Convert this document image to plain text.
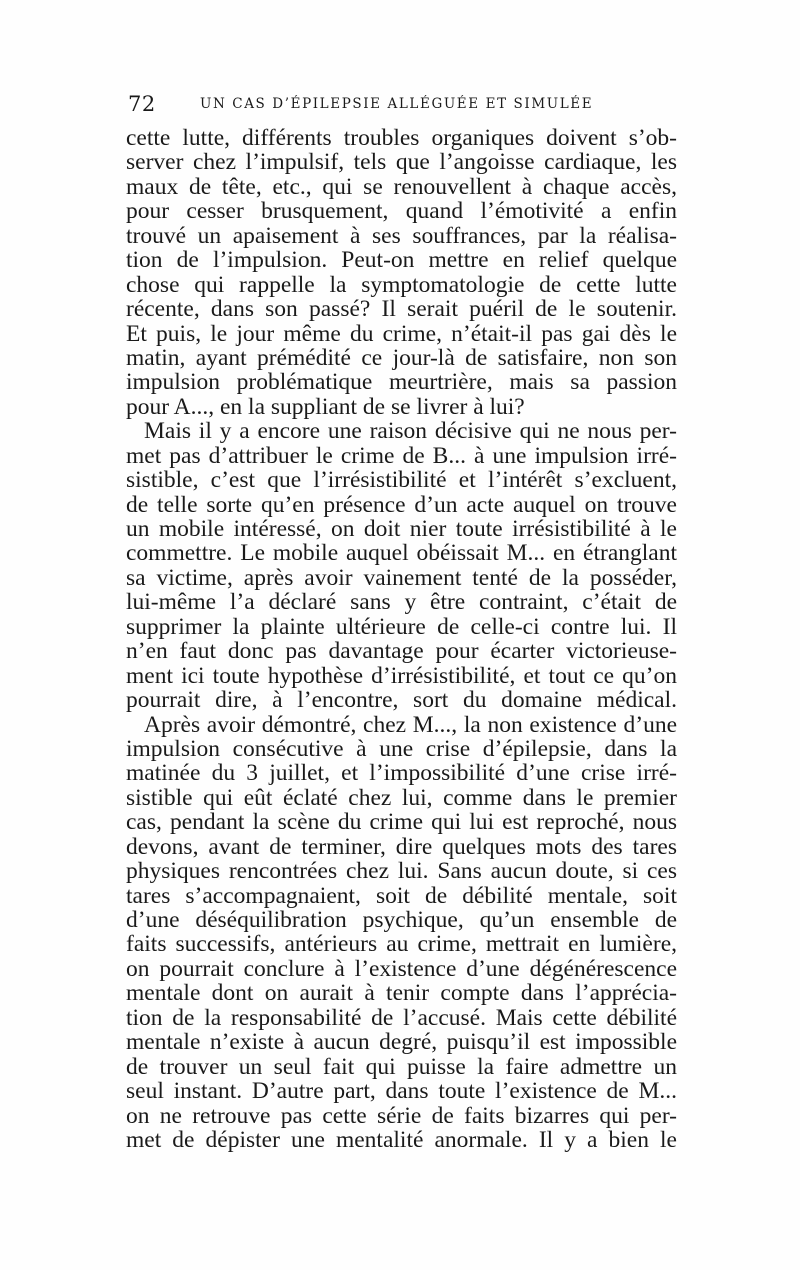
72	UN CAS D’ÉPILEPSIE ALLÉGUÉE ET SIMULÉE
cette lutte, différents troubles organiques doivent s’ob-
server chez l’impulsif, tels que l’angoisse cardiaque, les
maux de tête, etc., qui se renouvellent à chaque accès,
pour cesser brusquement, quand l’émotivité a enfin
trouvé un apaisement à ses souffrances, par la réalisa-
tion de l’impulsion. Peut-on mettre en relief quelque
chose qui rappelle la symptomatologie de cette lutte
récente, dans son passé? Il serait puéril de le soutenir.
Et puis, le jour même du crime, n’était-il pas gai dès le
matin, ayant prémédité ce jour-là de satisfaire, non son
impulsion problématique meurtrière, mais sa passion
pour A..., en la suppliant de se livrer à lui?
Mais il y a encore une raison décisive qui ne nous per-
met pas d’attribuer le crime de B... à une impulsion irré-
sistible, c’est que l’irrésistibilité et l’intérêt s’excluent,
de telle sorte qu’en présence d’un acte auquel on trouve
un mobile intéressé, on doit nier toute irrésistibilité à le
commettre. Le mobile auquel obéissait M... en étranglant
sa victime, après avoir vainement tenté de la posséder,
lui-même l’a déclaré sans y être contraint, c’était de
supprimer la plainte ultérieure de celle-ci contre lui. Il
n’en faut donc pas davantage pour écarter victorieuse-
ment ici toute hypothèse d’irrésistibilité, et tout ce qu’on
pourrait dire, à l’encontre, sort du domaine médical.
Après avoir démontré, chez M..., la non existence d’une
impulsion consécutive à une crise d’épilepsie, dans la
matinée du 3 juillet, et l’impossibilité d’une crise irré-
sistible qui eût éclaté chez lui, comme dans le premier
cas, pendant la scène du crime qui lui est reproché, nous
devons, avant de terminer, dire quelques mots des tares
physiques rencontrées chez lui. Sans aucun doute, si ces
tares s’accompagnaient, soit de débilité mentale, soit
d’une déséquilibration psychique, qu’un ensemble de
faits successifs, antérieurs au crime, mettrait en lumière,
on pourrait conclure à l’existence d’une dégénérescence
mentale dont on aurait à tenir compte dans l’apprécia-
tion de la responsabilité de l’accusé. Mais cette débilité
mentale n’existe à aucun degré, puisqu’il est impossible
de trouver un seul fait qui puisse la faire admettre un
seul instant. D’autre part, dans toute l’existence de M...
on ne retrouve pas cette série de faits bizarres qui per-
met de dépister une mentalité anormale. Il y a bien le
